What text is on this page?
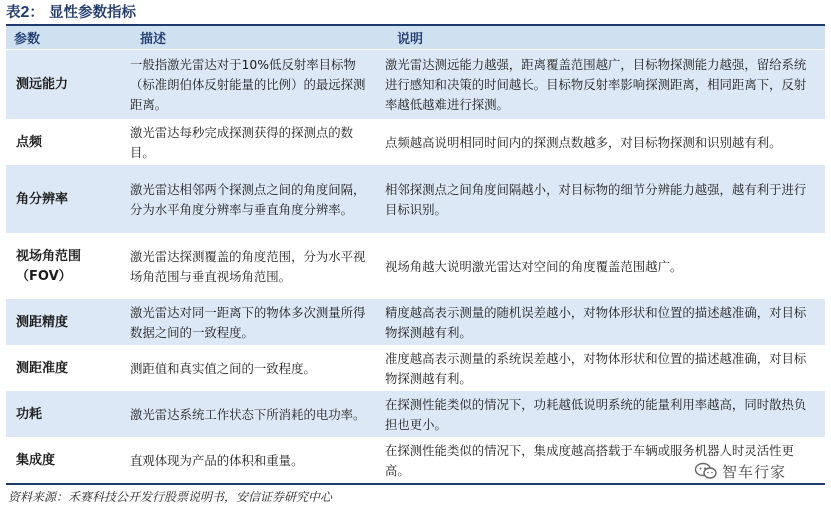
表2： 显性参数指标
参数	描述	说明
测远能力	一般指激光雷达对于10%低反射率目标物（标准朗伯体反射能量的比例）的最远探测距离。	激光雷达测远能力越强，距离覆盖范围越广，目标物探测能力越强，留给系统进行感知和决策的时间越长。目标物反射率影响探测距离，相同距离下，反射率越低越难进行探测。
点频	激光雷达每秒完成探测获得的探测点的数目。	点频越高说明相同时间内的探测点数越多，对目标物探测和识别越有利。
角分辨率	激光雷达相邻两个探测点之间的角度间隔，分为水平角度分辨率与垂直角度分辨率。	相邻探测点之间角度间隔越小，对目标物的细节分辨能力越强，越有利于进行目标识别。
视场角范围（FOV）	激光雷达探测覆盖的角度范围，分为水平视场角范围与垂直视场角范围。	视场角越大说明激光雷达对空间的角度覆盖范围越广。
测距精度	激光雷达对同一距离下的物体多次测量所得数据之间的一致程度。	精度越高表示测量的随机误差越小，对物体形状和位置的描述越准确，对目标物探测越有利。
测距准度	测距值和真实值之间的一致程度。	准度越高表示测量的系统误差越小，对物体形状和位置的描述越准确，对目标物探测越有利。
功耗	激光雷达系统工作状态下所消耗的电功率。	在探测性能类似的情况下，功耗越低说明系统的能量利用率越高，同时散热负担也更小。
集成度	直观体现为产品的体积和重量。	在探测性能类似的情况下，集成度越高搭载于车辆或服务机器人时灵活性更高。
资料来源：禾赛科技公开发行股票说明书，安信证券研究中心
智车行家
